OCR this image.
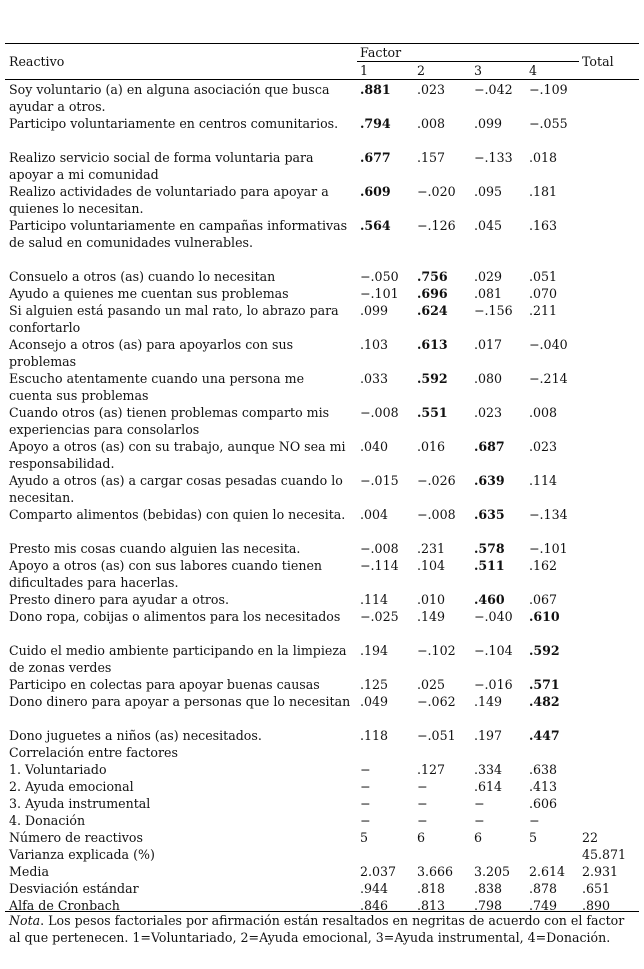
Reactivo
Factor
1	2	3	4
Total
Soy voluntario (a) en alguna asociación que busca ayudar a otros.
.881 .023 −.042 −.109
Participo voluntariamente en centros comunitarios.	.794 .008 .099 −.055
Realizo servicio social de forma voluntaria para apoyar a mi comunidad
.677 .157 −.133 .018
Realizo actividades de voluntariado para apoyar a quienes lo necesitan.
.609 −.020 .095 .181
Participo voluntariamente en campañas informativas de salud en comunidades vulnerables.
.564 −.126 .045 .163
Consuelo a otros (as) cuando lo necesitan	−.050 .756 .029 .051
Ayudo a quienes me cuentan sus problemas	−.101 .696 .081 .070
Si alguien está pasando un mal rato, lo abrazo para confortarlo
.099 .624 −.156 .211
Aconsejo a otros (as) para apoyarlos con sus problemas
.103 .613 .017 −.040
Escucho atentamente cuando una persona me cuenta sus problemas
.033 .592 .080 −.214
Cuando otros (as) tienen problemas comparto mis experiencias para consolarlos
−.008 .551 .023 .008
Apoyo a otros (as) con su trabajo, aunque NO sea mi responsabilidad.
.040 .016 .687 .023
Ayudo a otros (as) a cargar cosas pesadas cuando lo necesitan.
−.015 −.026 .639 .114
Comparto alimentos (bebidas) con quien lo necesita.	.004 −.008 .635 −.134
Presto mis cosas cuando alguien las necesita.	−.008 .231 .578 −.101
Apoyo a otros (as) con sus labores cuando tienen dificultades para hacerlas.
−.114 .104 .511 .162
Presto dinero para ayudar a otros.	.114 .010 .460 .067
Dono ropa, cobijas o alimentos para los necesitados	−.025 .149 −.040 .610
Cuido el medio ambiente participando en la limpieza de zonas verdes
.194 −.102 −.104 .592
Participo en colectas para apoyar buenas causas	.125 .025 −.016 .571
Dono dinero para apoyar a personas que lo necesitan .049 −.062 .149 .482
Dono juguetes a niños (as) necesitados.	.118 −.051 .197 .447
Correlación entre factores
1. Voluntariado	−	.127 .334 .638
2. Ayuda emocional	−	−	.614 .413
3. Ayuda instrumental	−	−	−	.606
4. Donación	−	−	−	−
Número de reactivos	5	6	6	5	22
Varianza explicada (%)	45.871
Media	2.037 3.666 3.205 2.614 2.931
Desviación estándar	.944 .818 .838 .878 .651
Alfa de Cronbach	.846 .813 .798 .749 .890
Nota. Los pesos factoriales por afirmación están resaltados en negritas de acuerdo con el factor al que pertenecen. 1=Voluntariado, 2=Ayuda emocional, 3=Ayuda instrumental, 4=Donación.
